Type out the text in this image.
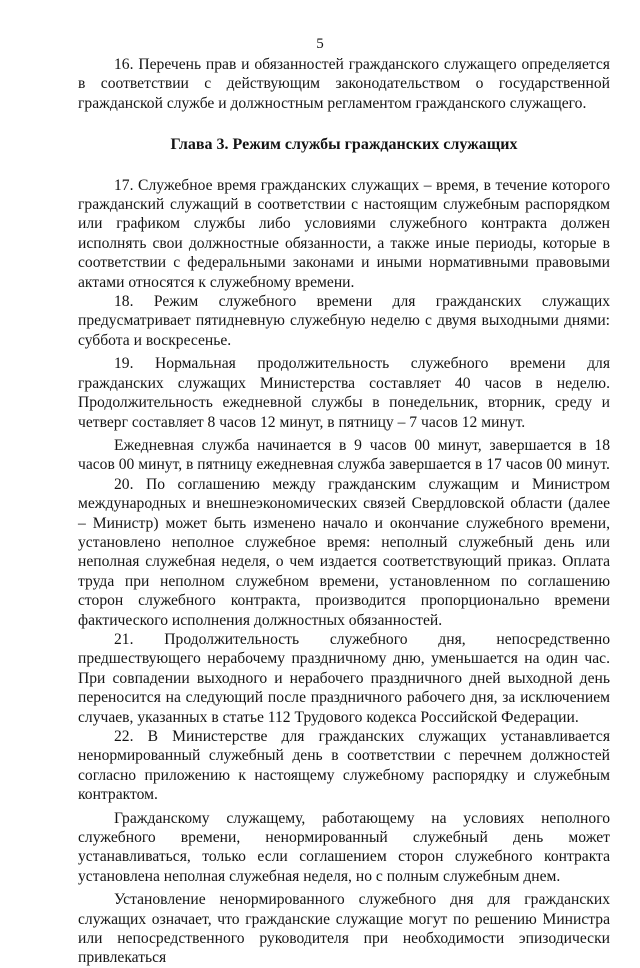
5

16. Перечень прав и обязанностей гражданского служащего определяется в соответствии с действующим законодательством о государственной гражданской службе и должностным регламентом гражданского служащего.

Глава 3. Режим службы гражданских служащих

17. Служебное время гражданских служащих – время, в течение которого гражданский служащий в соответствии с настоящим служебным распорядком или графиком службы либо условиями служебного контракта должен исполнять свои должностные обязанности, а также иные периоды, которые в соответствии с федеральными законами и иными нормативными правовыми актами относятся к служебному времени.

18. Режим служебного времени для гражданских служащих предусматривает пятидневную служебную неделю с двумя выходными днями: суббота и воскресенье.

19. Нормальная продолжительность служебного времени для гражданских служащих Министерства составляет 40 часов в неделю. Продолжительность ежедневной службы в понедельник, вторник, среду и четверг составляет 8 часов 12 минут, в пятницу – 7 часов 12 минут.

Ежедневная служба начинается в 9 часов 00 минут, завершается в 18 часов 00 минут, в пятницу ежедневная служба завершается в 17 часов 00 минут.

20. По соглашению между гражданским служащим и Министром международных и внешнеэкономических связей Свердловской области (далее – Министр) может быть изменено начало и окончание служебного времени, установлено неполное служебное время: неполный служебный день или неполная служебная неделя, о чем издается соответствующий приказ. Оплата труда при неполном служебном времени, установленном по соглашению сторон служебного контракта, производится пропорционально времени фактического исполнения должностных обязанностей.

21. Продолжительность служебного дня, непосредственно предшествующего нерабочему праздничному дню, уменьшается на один час. При совпадении выходного и нерабочего праздничного дней выходной день переносится на следующий после праздничного рабочего дня, за исключением случаев, указанных в статье 112 Трудового кодекса Российской Федерации.

22. В Министерстве для гражданских служащих устанавливается ненормированный служебный день в соответствии с перечнем должностей согласно приложению к настоящему служебному распорядку и служебным контрактом.

Гражданскому служащему, работающему на условиях неполного служебного времени, ненормированный служебный день может устанавливаться, только если соглашением сторон служебного контракта установлена неполная служебная неделя, но с полным служебным днем.

Установление ненормированного служебного дня для гражданских служащих означает, что гражданские служащие могут по решению Министра или непосредственного руководителя при необходимости эпизодически привлекаться
